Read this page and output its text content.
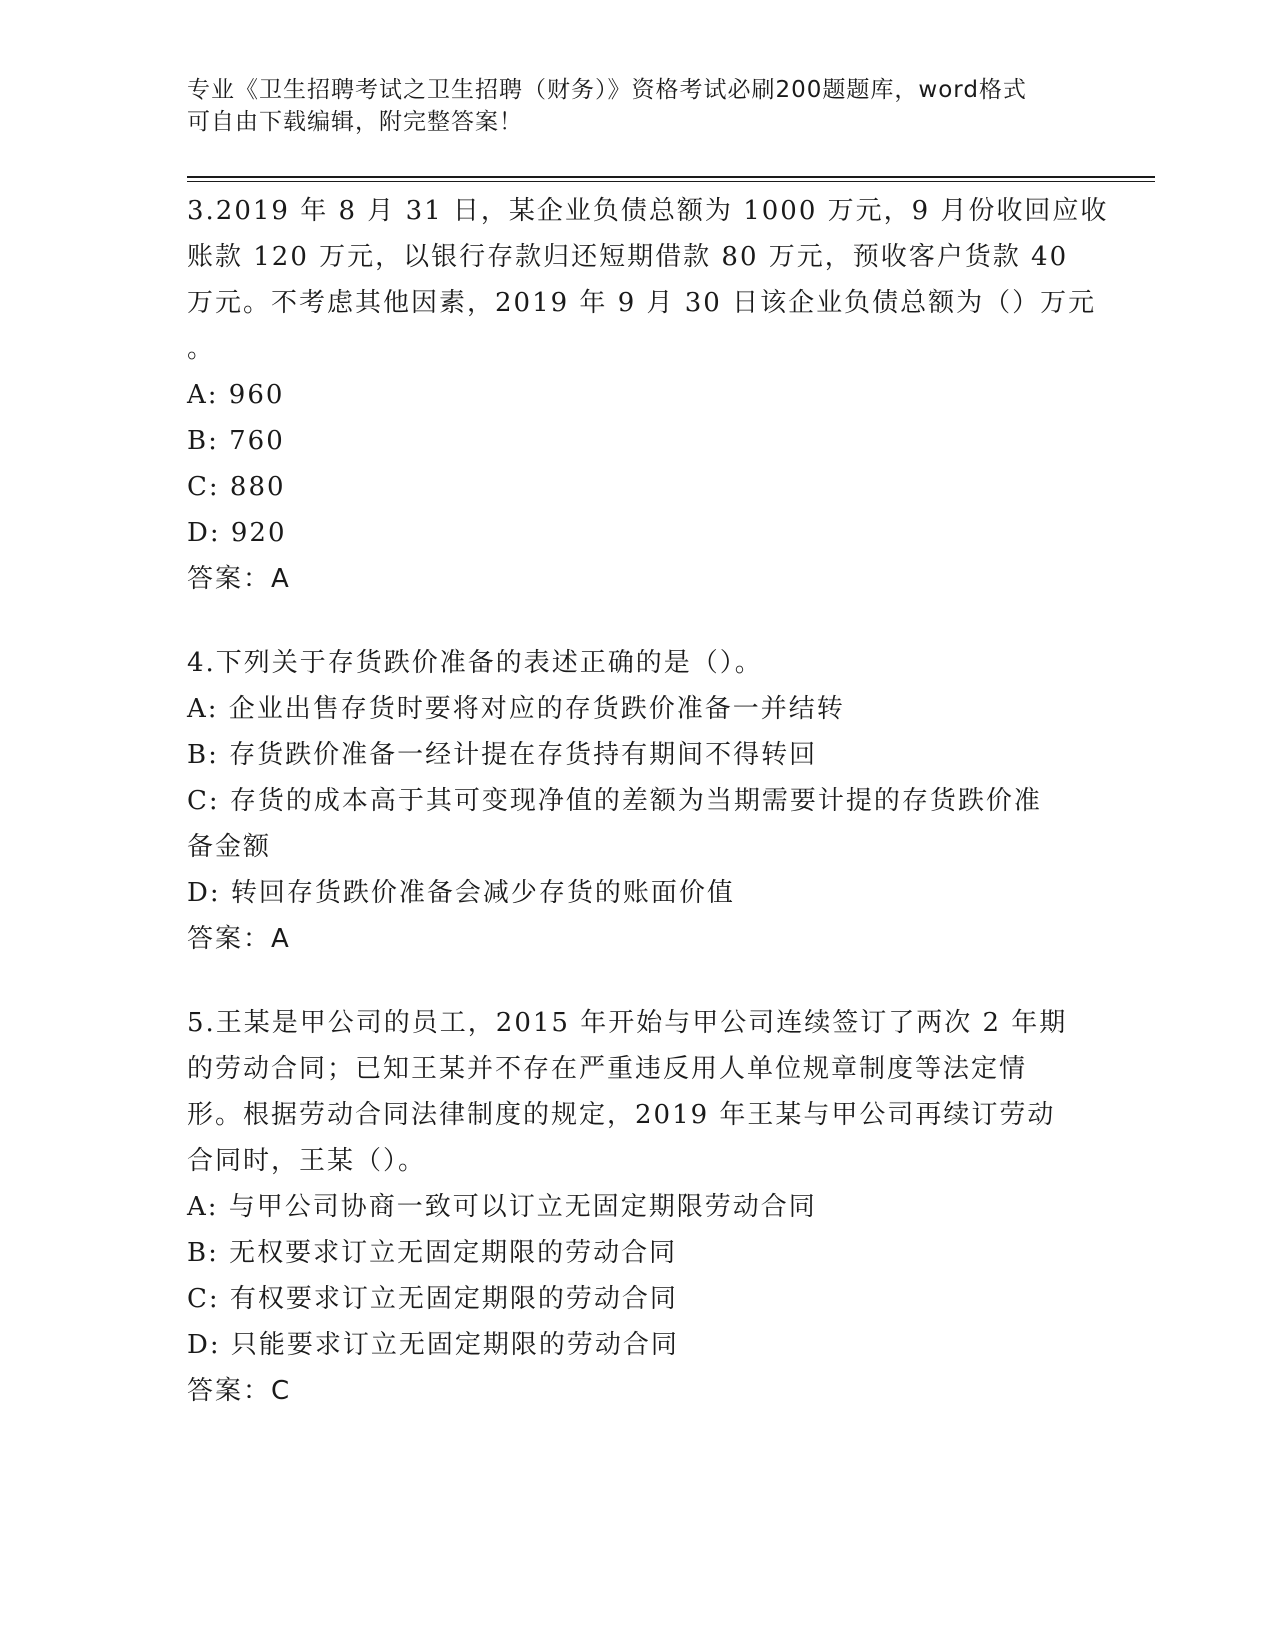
专业《卫生招聘考试之卫生招聘（财务）》资格考试必刷200题题库，word格式
可自由下载编辑，附完整答案！
3.2019 年 8 月 31 日，某企业负债总额为 1000 万元，9 月份收回应收
账款 120 万元，以银行存款归还短期借款 80 万元，预收客户货款 40
万元。不考虑其他因素，2019 年 9 月 30 日该企业负债总额为（）万元
。
A: 960
B: 760
C: 880
D: 920
答案：A
4.下列关于存货跌价准备的表述正确的是（）。
A: 企业出售存货时要将对应的存货跌价准备一并结转
B: 存货跌价准备一经计提在存货持有期间不得转回
C: 存货的成本高于其可变现净值的差额为当期需要计提的存货跌价准
备金额
D: 转回存货跌价准备会减少存货的账面价值
答案：A
5.王某是甲公司的员工，2015 年开始与甲公司连续签订了两次 2 年期
的劳动合同；已知王某并不存在严重违反用人单位规章制度等法定情
形。根据劳动合同法律制度的规定，2019 年王某与甲公司再续订劳动
合同时，王某（）。
A: 与甲公司协商一致可以订立无固定期限劳动合同
B: 无权要求订立无固定期限的劳动合同
C: 有权要求订立无固定期限的劳动合同
D: 只能要求订立无固定期限的劳动合同
答案：C
